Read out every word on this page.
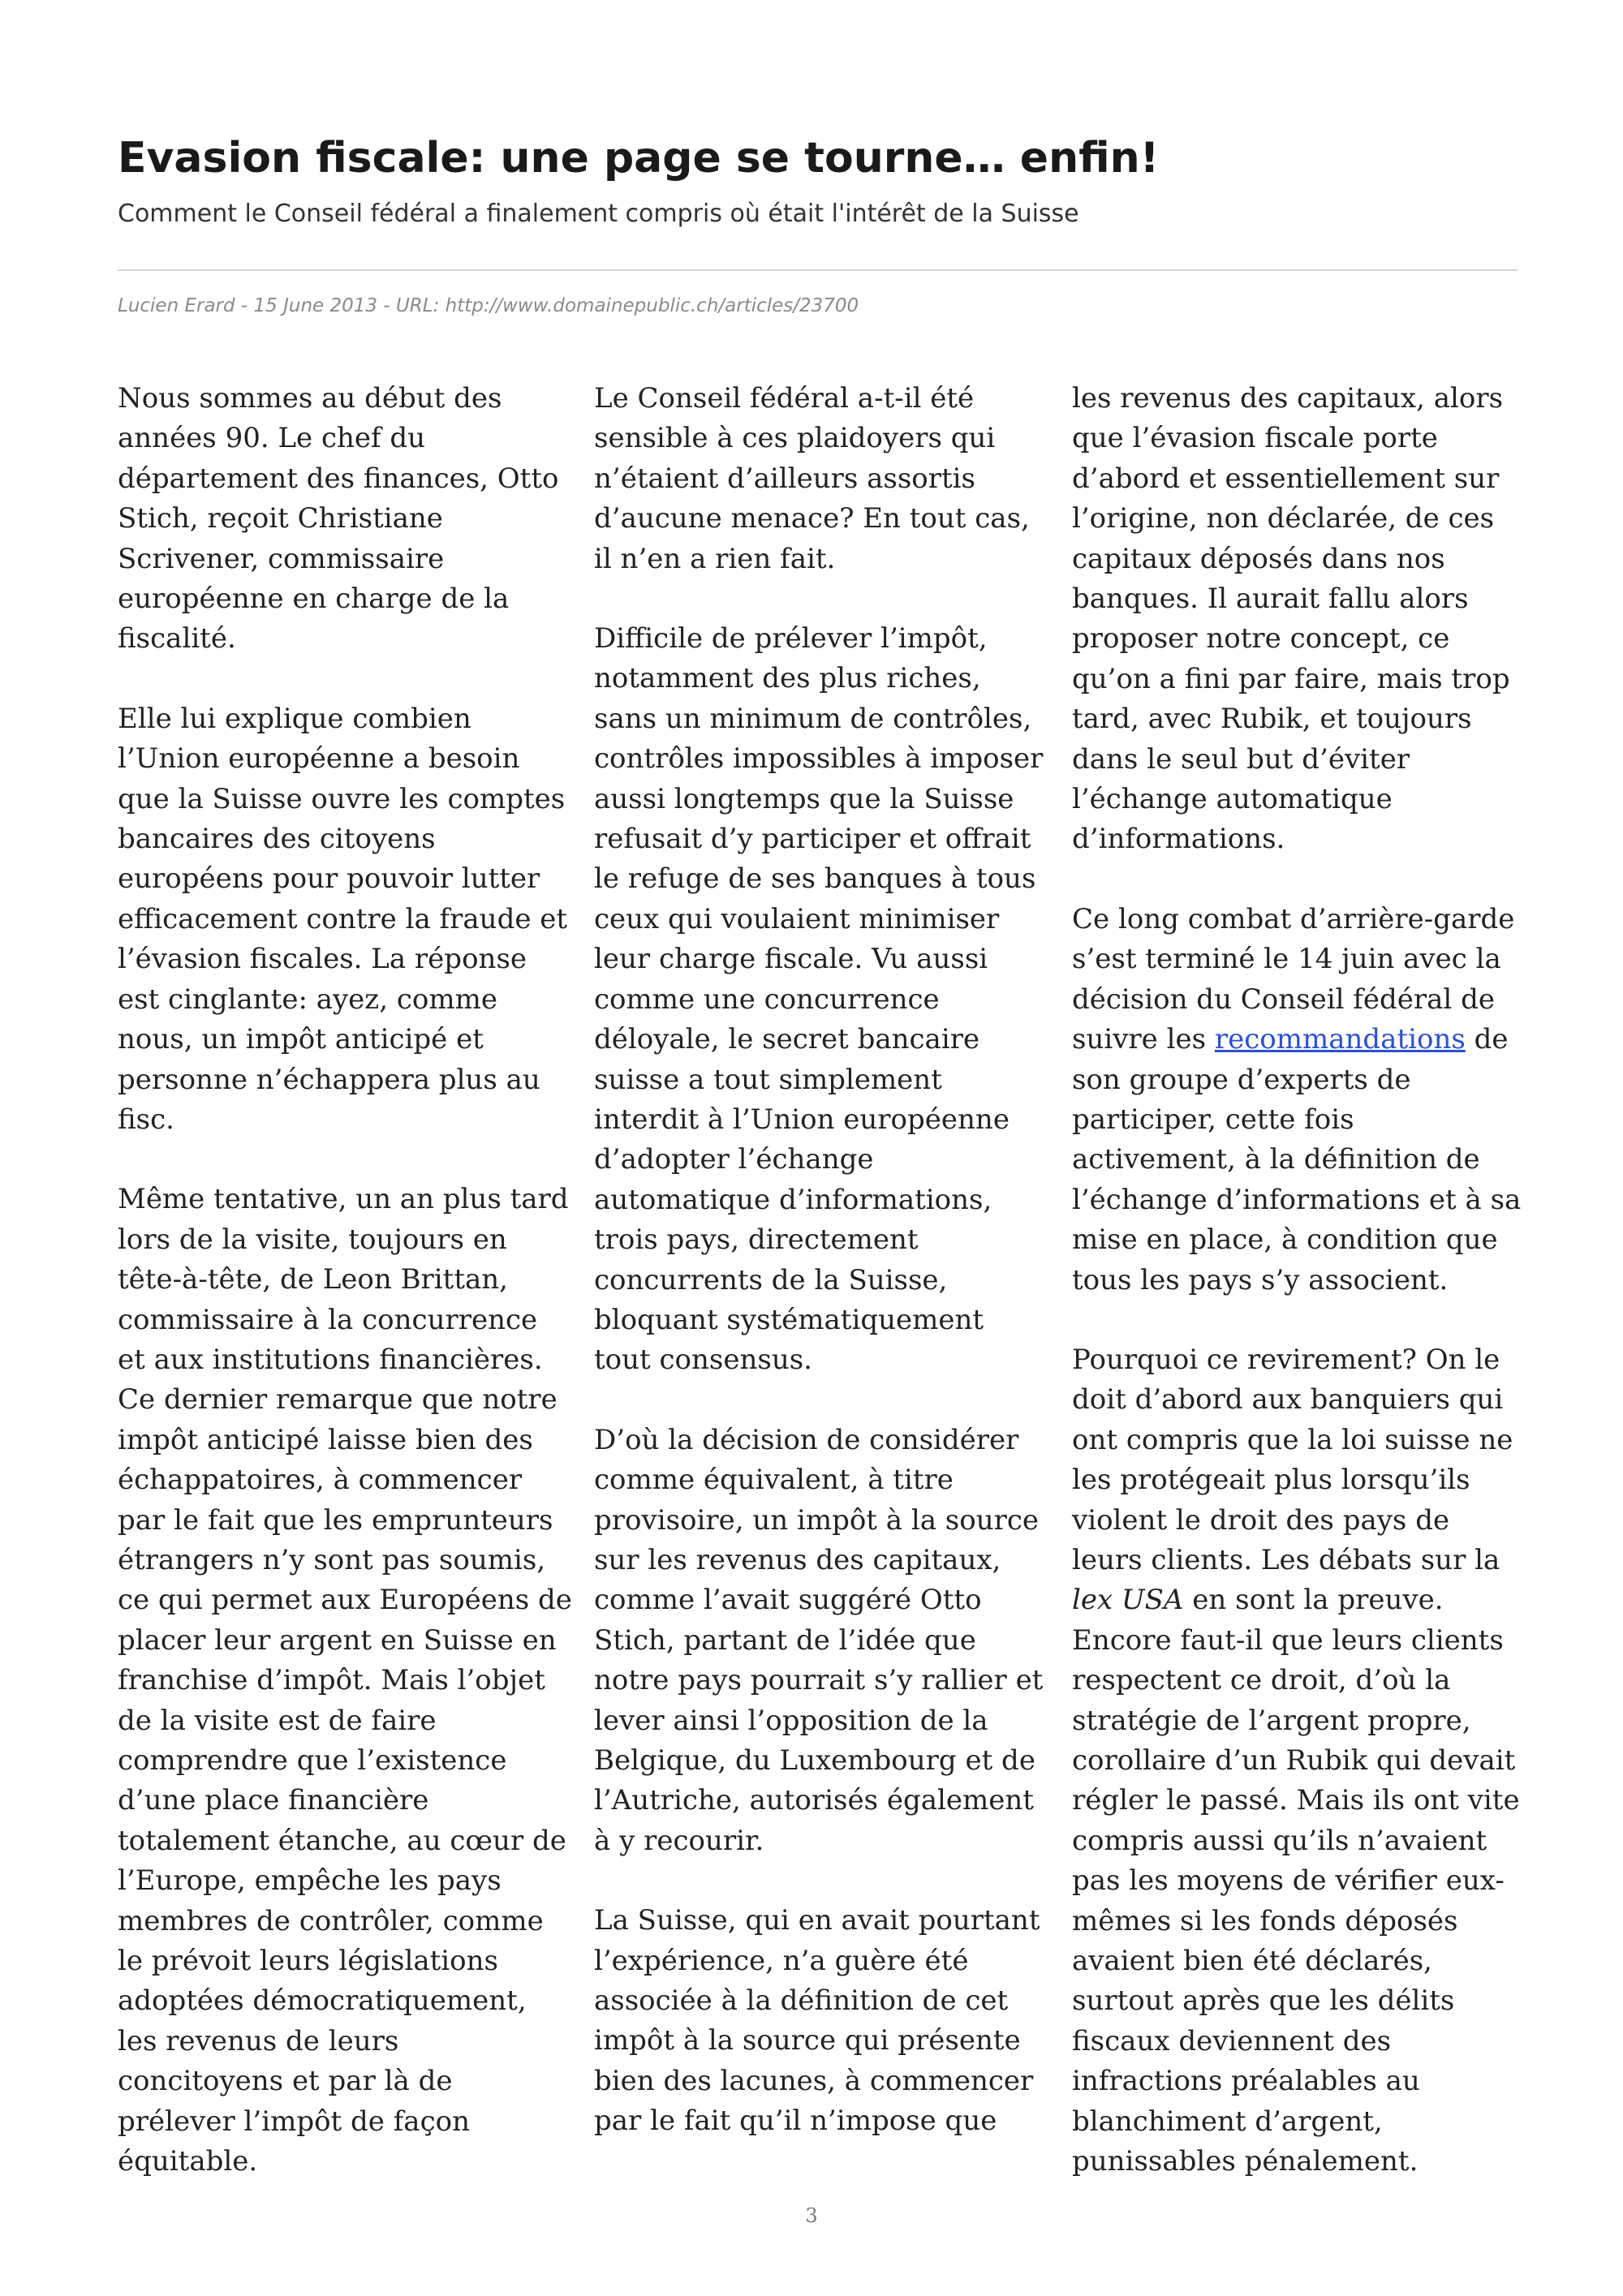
Evasion fiscale: une page se tourne… enfin!
Comment le Conseil fédéral a finalement compris où était l'intérêt de la Suisse
Lucien Erard - 15 June 2013 - URL: http://www.domainepublic.ch/articles/23700

Nous sommes au début des années 90. Le chef du département des finances, Otto Stich, reçoit Christiane Scrivener, commissaire européenne en charge de la fiscalité.

Elle lui explique combien l’Union européenne a besoin que la Suisse ouvre les comptes bancaires des citoyens européens pour pouvoir lutter efficacement contre la fraude et l’évasion fiscales. La réponse est cinglante: ayez, comme nous, un impôt anticipé et personne n’échappera plus au fisc.

Même tentative, un an plus tard lors de la visite, toujours en tête-à-tête, de Leon Brittan, commissaire à la concurrence et aux institutions financières. Ce dernier remarque que notre impôt anticipé laisse bien des échappatoires, à commencer par le fait que les emprunteurs étrangers n’y sont pas soumis, ce qui permet aux Européens de placer leur argent en Suisse en franchise d’impôt. Mais l’objet de la visite est de faire comprendre que l’existence d’une place financière totalement étanche, au cœur de l’Europe, empêche les pays membres de contrôler, comme le prévoit leurs législations adoptées démocratiquement, les revenus de leurs concitoyens et par là de prélever l’impôt de façon équitable.

Le Conseil fédéral a-t-il été sensible à ces plaidoyers qui n’étaient d’ailleurs assortis d’aucune menace? En tout cas, il n’en a rien fait.

Difficile de prélever l’impôt, notamment des plus riches, sans un minimum de contrôles, contrôles impossibles à imposer aussi longtemps que la Suisse refusait d’y participer et offrait le refuge de ses banques à tous ceux qui voulaient minimiser leur charge fiscale. Vu aussi comme une concurrence déloyale, le secret bancaire suisse a tout simplement interdit à l’Union européenne d’adopter l’échange automatique d’informations, trois pays, directement concurrents de la Suisse, bloquant systématiquement tout consensus.

D’où la décision de considérer comme équivalent, à titre provisoire, un impôt à la source sur les revenus des capitaux, comme l’avait suggéré Otto Stich, partant de l’idée que notre pays pourrait s’y rallier et lever ainsi l’opposition de la Belgique, du Luxembourg et de l’Autriche, autorisés également à y recourir.

La Suisse, qui en avait pourtant l’expérience, n’a guère été associée à la définition de cet impôt à la source qui présente bien des lacunes, à commencer par le fait qu’il n’impose que

les revenus des capitaux, alors que l’évasion fiscale porte d’abord et essentiellement sur l’origine, non déclarée, de ces capitaux déposés dans nos banques. Il aurait fallu alors proposer notre concept, ce qu’on a fini par faire, mais trop tard, avec Rubik, et toujours dans le seul but d’éviter l’échange automatique d’informations.

Ce long combat d’arrière-garde s’est terminé le 14 juin avec la décision du Conseil fédéral de suivre les recommandations de son groupe d’experts de participer, cette fois activement, à la définition de l’échange d’informations et à sa mise en place, à condition que tous les pays s’y associent.

Pourquoi ce revirement? On le doit d’abord aux banquiers qui ont compris que la loi suisse ne les protégeait plus lorsqu’ils violent le droit des pays de leurs clients. Les débats sur la lex USA en sont la preuve. Encore faut-il que leurs clients respectent ce droit, d’où la stratégie de l’argent propre, corollaire d’un Rubik qui devait régler le passé. Mais ils ont vite compris aussi qu’ils n’avaient pas les moyens de vérifier eux-mêmes si les fonds déposés avaient bien été déclarés, surtout après que les délits fiscaux deviennent des infractions préalables au blanchiment d’argent, punissables pénalement.

3
